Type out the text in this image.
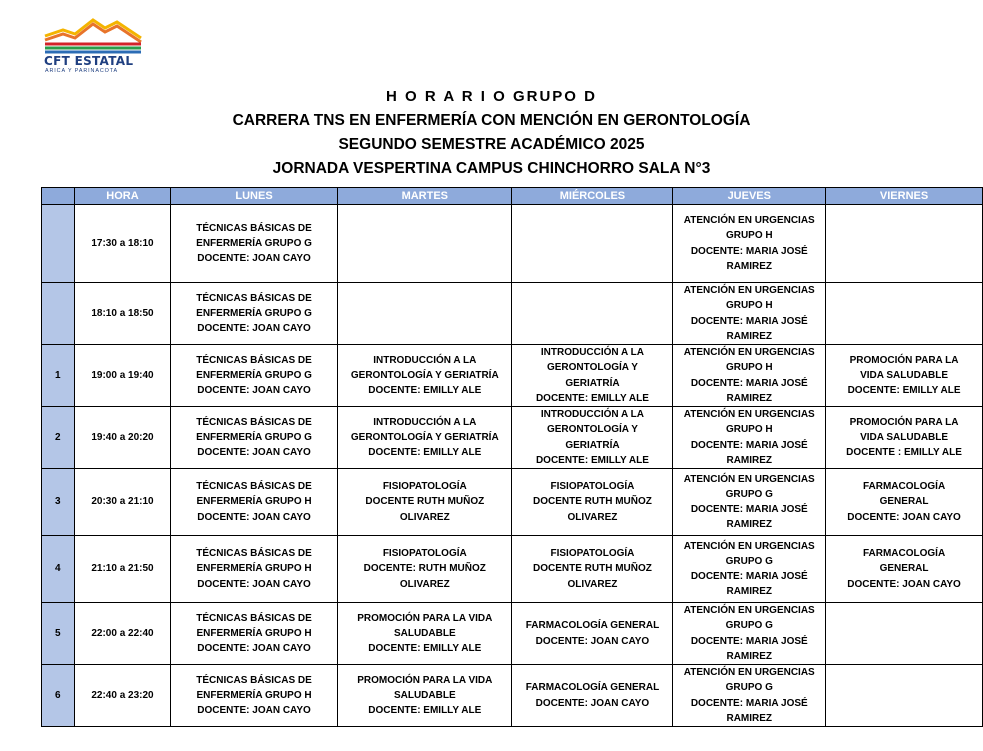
CFT ESTATAL
ARICA Y PARINACOTA
H O R A R I O GRUPO D
CARRERA TNS EN ENFERMERÍA CON MENCIÓN EN GERONTOLOGÍA
SEGUNDO SEMESTRE ACADÉMICO 2025
JORNADA VESPERTINA CAMPUS CHINCHORRO SALA N°3
	HORA	LUNES	MARTES	MIÉRCOLES	JUEVES	VIERNES
	17:30 a 18:10	TÉCNICAS BÁSICAS DE
ENFERMERÍA GRUPO G
DOCENTE: JOAN CAYO			ATENCIÓN EN URGENCIAS
GRUPO H
DOCENTE: MARIA JOSÉ
RAMIREZ	

	18:10 a 18:50	TÉCNICAS BÁSICAS DE
ENFERMERÍA GRUPO G
DOCENTE: JOAN CAYO			ATENCIÓN EN URGENCIAS
GRUPO H
DOCENTE: MARIA JOSÉ
RAMIREZ	

1	19:00 a 19:40	TÉCNICAS BÁSICAS DE
ENFERMERÍA GRUPO G
DOCENTE: JOAN CAYO	INTRODUCCIÓN A LA
GERONTOLOGÍA Y GERIATRÍA
DOCENTE: EMILLY ALE	INTRODUCCIÓN A LA
GERONTOLOGÍA Y
GERIATRÍA
DOCENTE: EMILLY ALE	ATENCIÓN EN URGENCIAS
GRUPO H
DOCENTE: MARIA JOSÉ
RAMIREZ	PROMOCIÓN PARA LA
VIDA SALUDABLE
DOCENTE: EMILLY ALE

2	19:40 a 20:20	TÉCNICAS BÁSICAS DE
ENFERMERÍA GRUPO G
DOCENTE: JOAN CAYO	INTRODUCCIÓN A LA
GERONTOLOGÍA Y GERIATRÍA
DOCENTE: EMILLY ALE	INTRODUCCIÓN A LA
GERONTOLOGÍA Y
GERIATRÍA
DOCENTE: EMILLY ALE	ATENCIÓN EN URGENCIAS
GRUPO H
DOCENTE: MARIA JOSÉ
RAMIREZ	PROMOCIÓN PARA LA
VIDA SALUDABLE
DOCENTE : EMILLY ALE

3	20:30 a 21:10	TÉCNICAS BÁSICAS DE
ENFERMERÍA GRUPO H
DOCENTE: JOAN CAYO	FISIOPATOLOGÍA
DOCENTE RUTH MUÑOZ
OLIVAREZ	FISIOPATOLOGÍA
DOCENTE RUTH MUÑOZ
OLIVAREZ	ATENCIÓN EN URGENCIAS
GRUPO G
DOCENTE: MARIA JOSÉ
RAMIREZ	FARMACOLOGÍA
GENERAL
DOCENTE: JOAN CAYO

4	21:10 a 21:50	TÉCNICAS BÁSICAS DE
ENFERMERÍA GRUPO H
DOCENTE: JOAN CAYO	FISIOPATOLOGÍA
DOCENTE: RUTH MUÑOZ
OLIVAREZ	FISIOPATOLOGÍA
DOCENTE RUTH MUÑOZ
OLIVAREZ	ATENCIÓN EN URGENCIAS
GRUPO G
DOCENTE: MARIA JOSÉ
RAMIREZ	FARMACOLOGÍA
GENERAL
DOCENTE: JOAN CAYO

5	22:00 a 22:40	TÉCNICAS BÁSICAS DE
ENFERMERÍA GRUPO H
DOCENTE: JOAN CAYO	PROMOCIÓN PARA LA VIDA
SALUDABLE
DOCENTE: EMILLY ALE	FARMACOLOGÍA GENERAL
DOCENTE: JOAN CAYO	ATENCIÓN EN URGENCIAS
GRUPO G
DOCENTE: MARIA JOSÉ
RAMIREZ	

6	22:40 a 23:20	TÉCNICAS BÁSICAS DE
ENFERMERÍA GRUPO H
DOCENTE: JOAN CAYO	PROMOCIÓN PARA LA VIDA
SALUDABLE
DOCENTE: EMILLY ALE	FARMACOLOGÍA GENERAL
DOCENTE: JOAN CAYO	ATENCIÓN EN URGENCIAS
GRUPO G
DOCENTE: MARIA JOSÉ
RAMIREZ	
